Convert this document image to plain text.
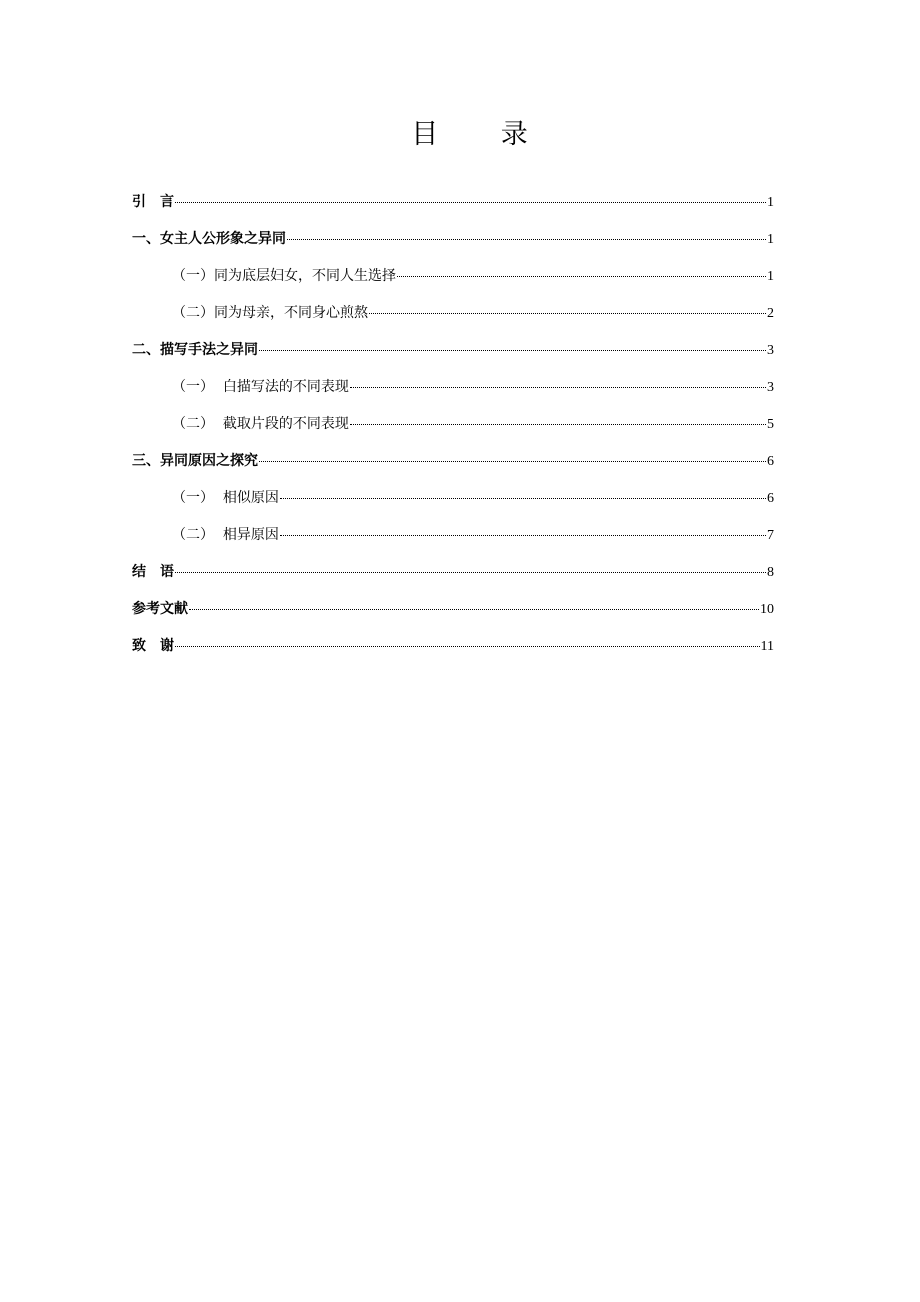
目 录
引言	1
一、女主人公形象之异同	1
（一）同为底层妇女，不同人生选择	1
（二）同为母亲，不同身心煎熬	2
二、描写手法之异同	3
（一）  白描写法的不同表现	3
（二）  截取片段的不同表现	5
三、异同原因之探究	6
（一）  相似原因	6
（二）  相异原因	7
结语	8
参考文献	10
致谢	11
